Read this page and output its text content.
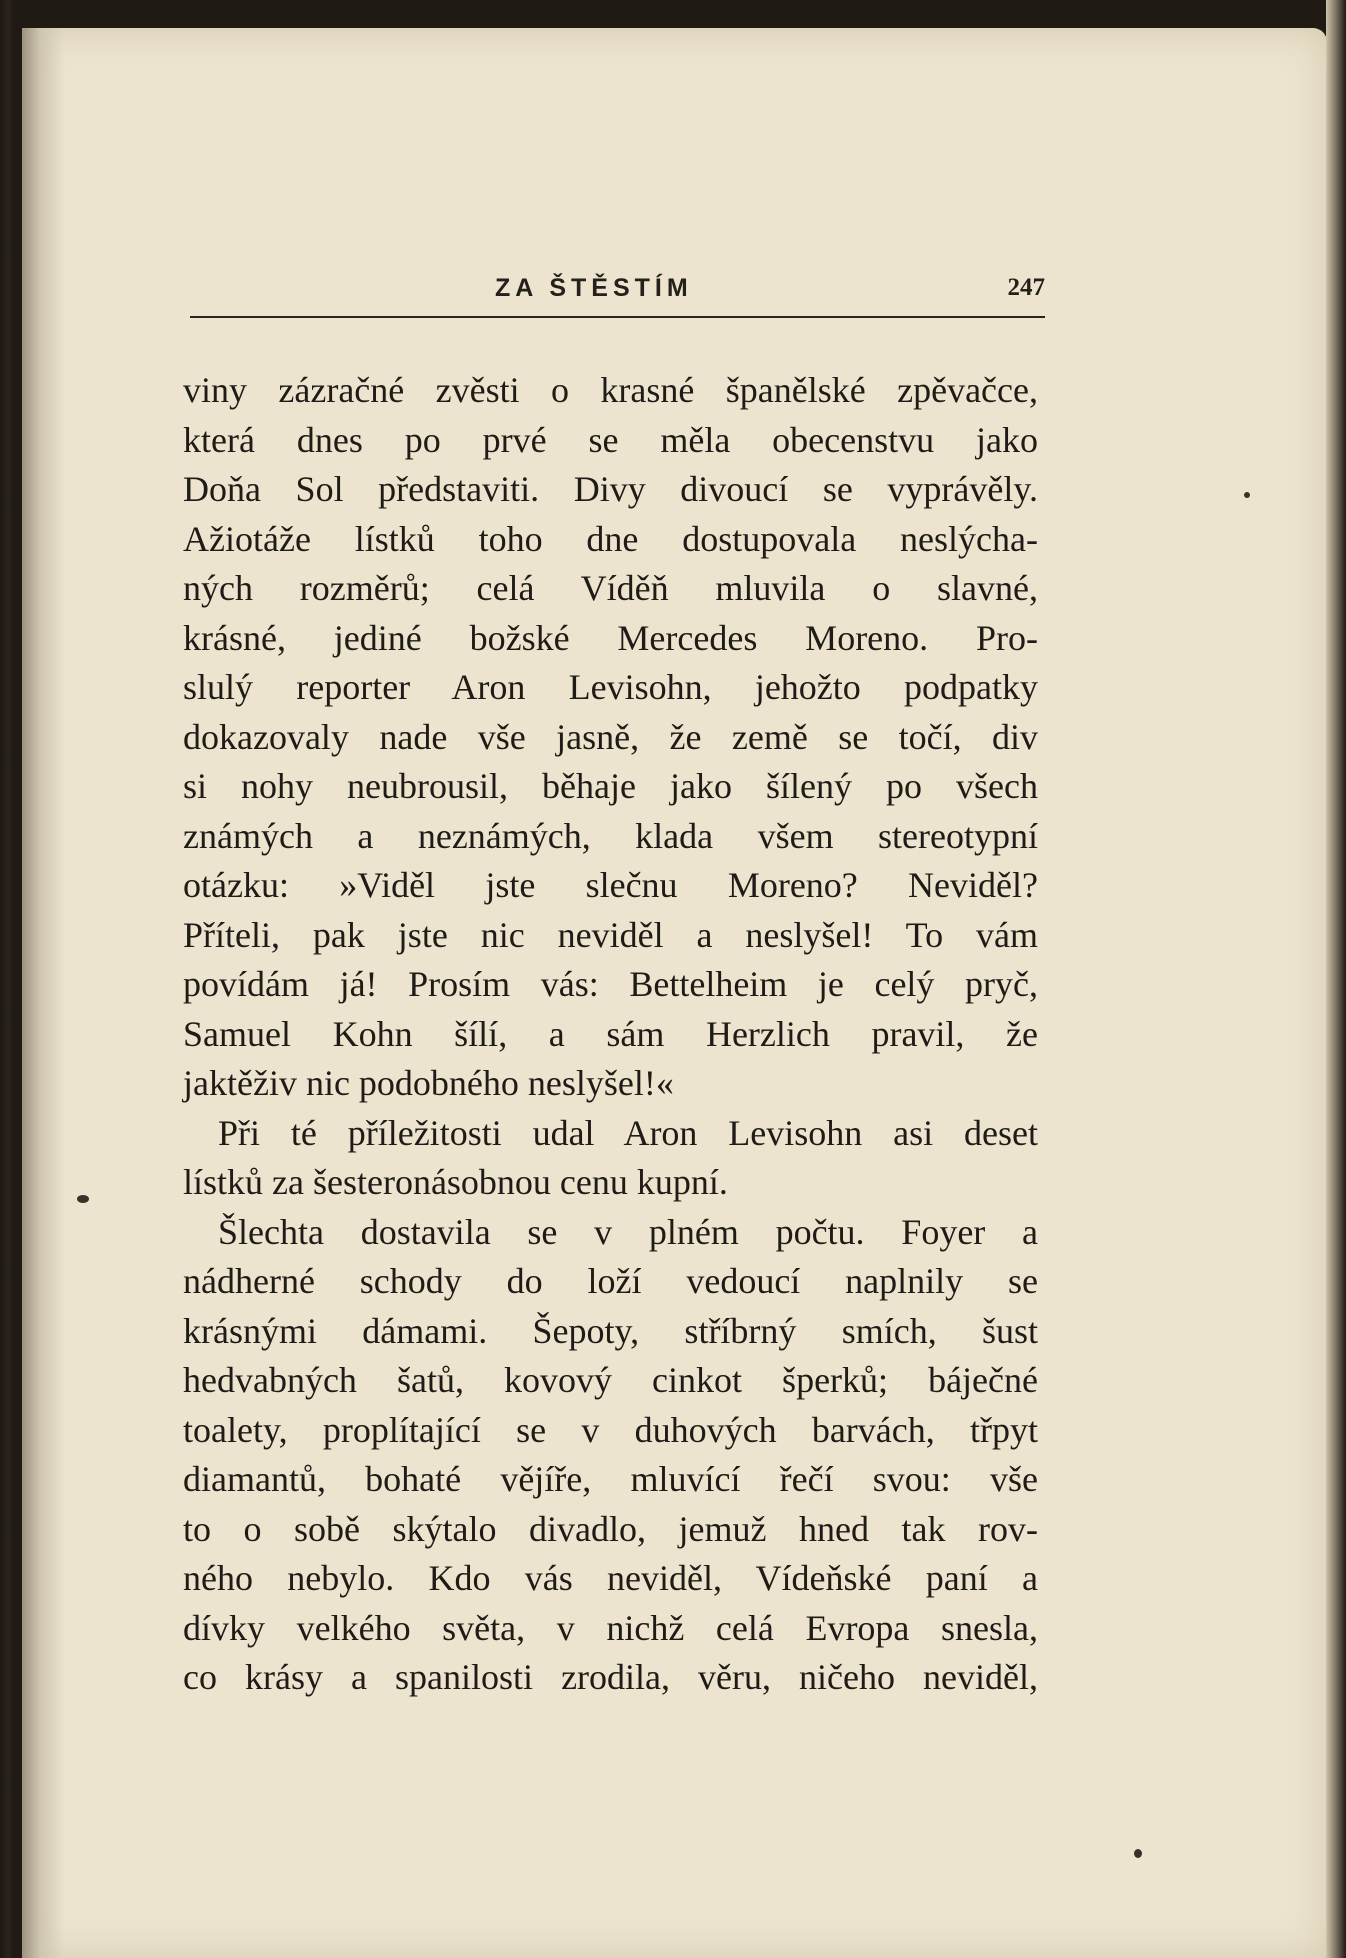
ZA ŠTĚSTÍM	247
viny zázračné zvěsti o krasné španělské zpěvačce,
která dnes po prvé se měla obecenstvu jako
Doňa Sol představiti. Divy divoucí se vyprávěly.
Ažiotáže lístků toho dne dostupovala neslýcha-
ných rozměrů; celá Víděň mluvila o slavné,
krásné, jediné božské Mercedes Moreno. Pro-
slulý reporter Aron Levisohn, jehožto podpatky
dokazovaly nade vše jasně, že země se točí, div
si nohy neubrousil, běhaje jako šílený po všech
známých a neznámých, klada všem stereotypní
otázku: »Viděl jste slečnu Moreno? Neviděl?
Příteli, pak jste nic neviděl a neslyšel! To vám
povídám já! Prosím vás: Bettelheim je celý pryč,
Samuel Kohn šílí, a sám Herzlich pravil, že
jaktěživ nic podobného neslyšel!«
Při té příležitosti udal Aron Levisohn asi deset
lístků za šesteronásobnou cenu kupní.
Šlechta dostavila se v plném počtu. Foyer a
nádherné schody do loží vedoucí naplnily se
krásnými dámami. Šepoty, stříbrný smích, šust
hedvabných šatů, kovový cinkot šperků; báječné
toalety, proplítající se v duhových barvách, třpyt
diamantů, bohaté vějíře, mluvící řečí svou: vše
to o sobě skýtalo divadlo, jemuž hned tak rov-
ného nebylo. Kdo vás neviděl, Vídeňské paní a
dívky velkého světa, v nichž celá Evropa snesla,
co krásy a spanilosti zrodila, věru, ničeho neviděl,
